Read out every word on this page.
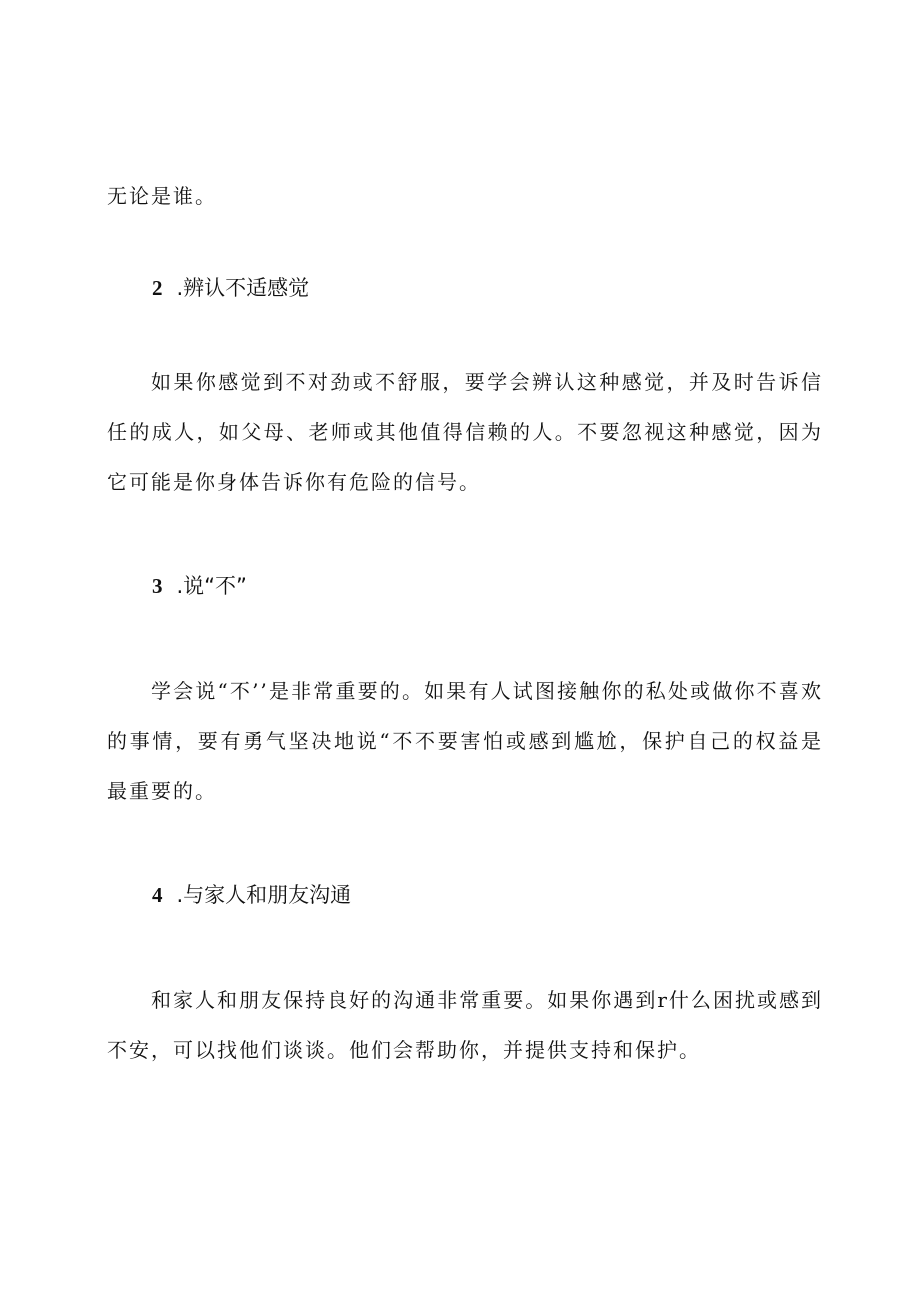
无论是谁。
2 .辨认不适感觉
如果你感觉到不对劲或不舒服，要学会辨认这种感觉，并及时告诉信任的成人，如父母、老师或其他值得信赖的人。不要忽视这种感觉，因为它可能是你身体告诉你有危险的信号。
3 .说“不”
学会说“不’’是非常重要的。如果有人试图接触你的私处或做你不喜欢的事情，要有勇气坚决地说“不不要害怕或感到尴尬，保护自己的权益是最重要的。
4 .与家人和朋友沟通
和家人和朋友保持良好的沟通非常重要。如果你遇到r什么困扰或感到不安，可以找他们谈谈。他们会帮助你，并提供支持和保护。
